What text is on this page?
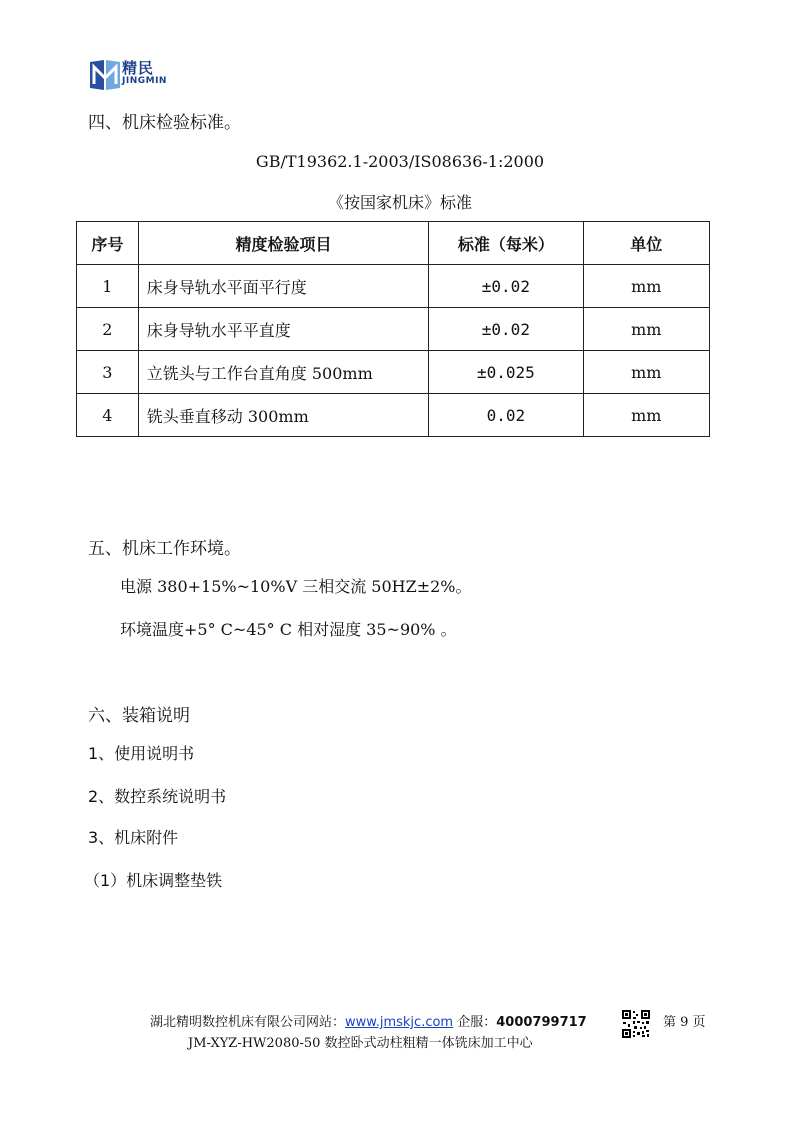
精民
JINGMIN
四、机床检验标准。
GB/T19362.1-2003/IS08636-1:2000
《按国家机床》标准
序号	精度检验项目	标准（每米）	单位
1	床身导轨水平面平行度	±0.02	mm
2	床身导轨水平平直度	±0.02	mm
3	立铣头与工作台直角度 500mm	±0.025	mm
4	铣头垂直移动 300mm	0.02	mm
五、机床工作环境。
电源 380+15%~10%V 三相交流 50HZ±2%。
环境温度+5° C~45° C 相对湿度 35~90% 。
六、装箱说明
1、使用说明书
2、数控系统说明书
3、机床附件
（1）机床调整垫铁
湖北精明数控机床有限公司网站：www.jmskjc.com 企服：4000799717	第 9 页
JM-XYZ-HW2080-50 数控卧式动柱粗精一体铣床加工中心
